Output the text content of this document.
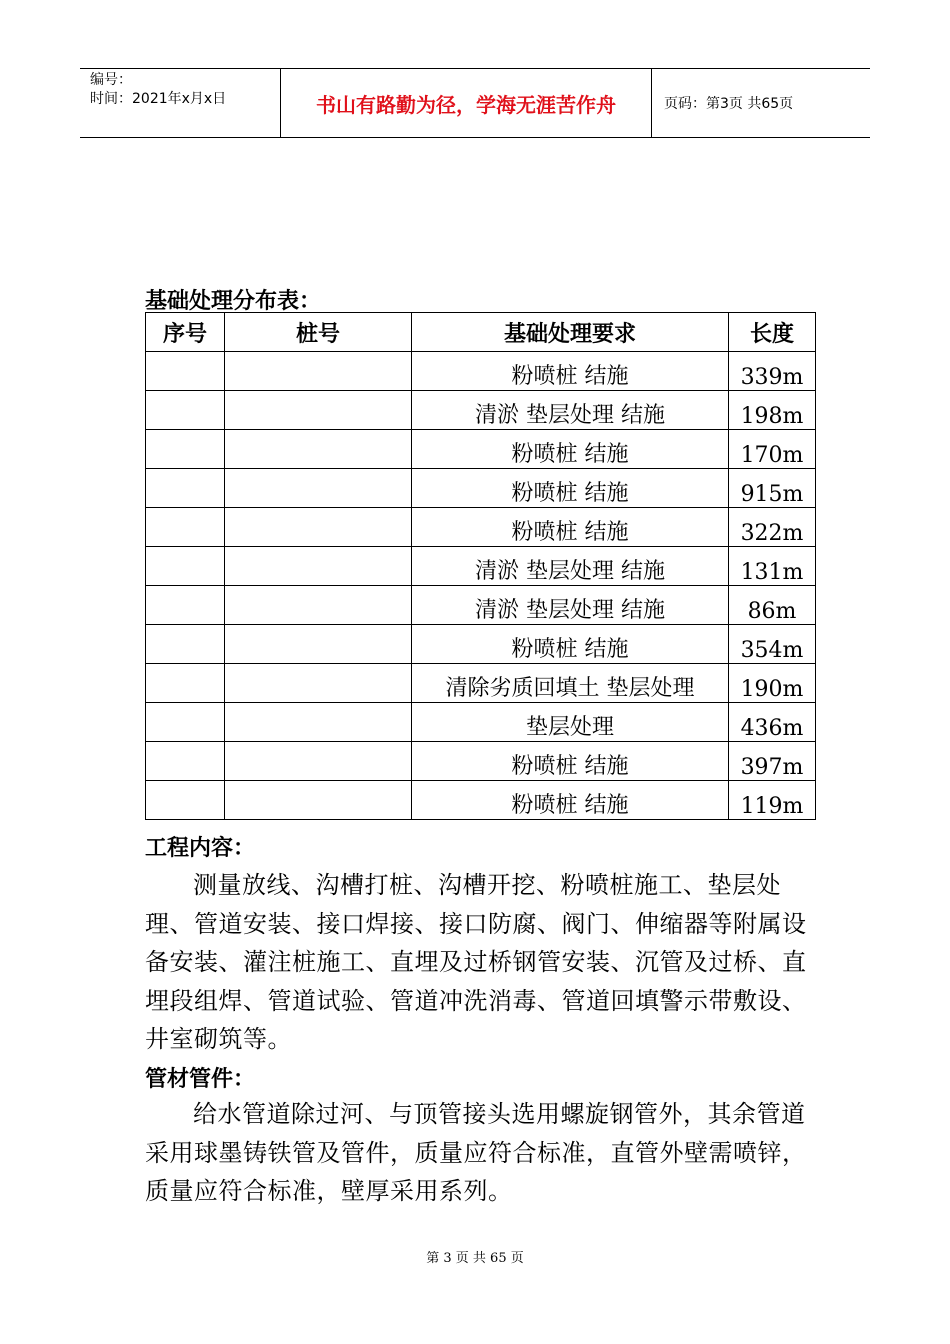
编号：
时间：2021年x月x日	书山有路勤为径，学海无涯苦作舟	页码：第3页 共65页
基础处理分布表：
序号	桩号	基础处理要求	长度
		粉喷桩 结施	339m
		清淤 垫层处理 结施	198m
		粉喷桩 结施	170m
		粉喷桩 结施	915m
		粉喷桩 结施	322m
		清淤 垫层处理 结施	131m
		清淤 垫层处理 结施	86m
		粉喷桩 结施	354m
		清除劣质回填土 垫层处理	190m
		垫层处理	436m
		粉喷桩 结施	397m
		粉喷桩 结施	119m
工程内容：
测量放线、沟槽打桩、沟槽开挖、粉喷桩施工、垫层处理、管道安装、接口焊接、接口防腐、阀门、伸缩器等附属设备安装、灌注桩施工、直埋及过桥钢管安装、沉管及过桥、直埋段组焊、管道试验、管道冲洗消毒、管道回填警示带敷设、井室砌筑等。
管材管件：
给水管道除过河、与顶管接头选用螺旋钢管外，其余管道采用球墨铸铁管及管件，质量应符合标准，直管外壁需喷锌，质量应符合标准，壁厚采用系列。
第 3 页 共 65 页
